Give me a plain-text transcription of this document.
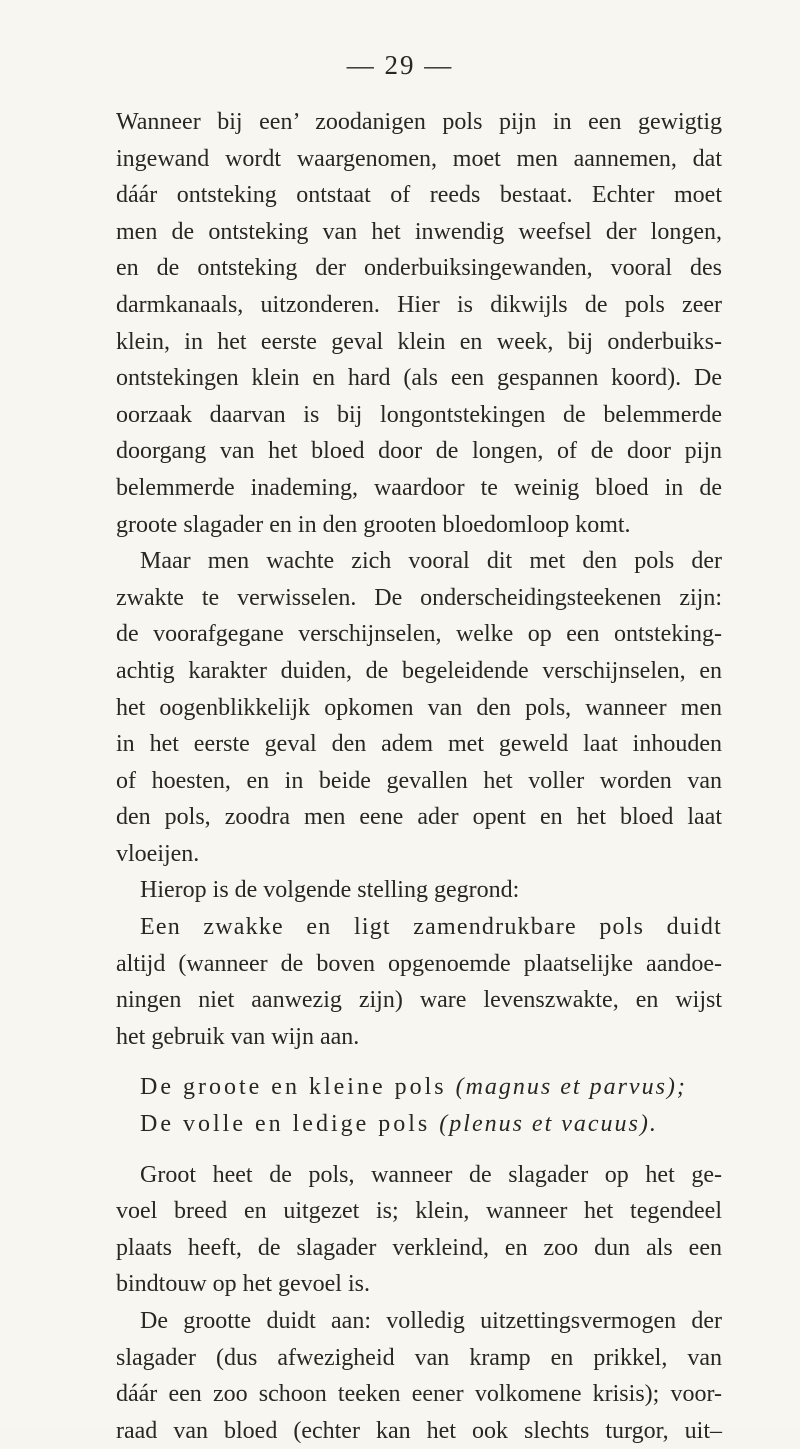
— 29 —
Wanneer bij een’ zoodanigen pols pijn in een gewigtig
ingewand wordt waargenomen, moet men aannemen, dat
dáár ontsteking ontstaat of reeds bestaat. Echter moet
men de ontsteking van het inwendig weefsel der longen,
en de ontsteking der onderbuiksingewanden, vooral des
darmkanaals, uitzonderen. Hier is dikwijls de pols zeer
klein, in het eerste geval klein en week, bij onderbuiks-
ontstekingen klein en hard (als een gespannen koord). De
oorzaak daarvan is bij longontstekingen de belemmerde
doorgang van het bloed door de longen, of de door pijn
belemmerde inademing, waardoor te weinig bloed in de
groote slagader en in den grooten bloedomloop komt.
Maar men wachte zich vooral dit met den pols der
zwakte te verwisselen. De onderscheidingsteekenen zijn:
de voorafgegane verschijnselen, welke op een ontsteking-
achtig karakter duiden, de begeleidende verschijnselen, en
het oogenblikkelijk opkomen van den pols, wanneer men
in het eerste geval den adem met geweld laat inhouden
of hoesten, en in beide gevallen het voller worden van
den pols, zoodra men eene ader opent en het bloed laat
vloeijen.
Hierop is de volgende stelling gegrond:
Een zwakke en ligt zamendrukbare pols duidt
altijd (wanneer de boven opgenoemde plaatselijke aandoe-
ningen niet aanwezig zijn) ware levenszwakte, en wijst
het gebruik van wijn aan.
De groote en kleine pols (magnus et parvus);
De volle en ledige pols (plenus et vacuus).
Groot heet de pols, wanneer de slagader op het ge-
voel breed en uitgezet is; klein, wanneer het tegendeel
plaats heeft, de slagader verkleind, en zoo dun als een
bindtouw op het gevoel is.
De grootte duidt aan: volledig uitzettingsvermogen der
slagader (dus afwezigheid van kramp en prikkel, van
dáár een zoo schoon teeken eener volkomene krisis); voor-
raad van bloed (echter kan het ook slechts turgor, uit–
